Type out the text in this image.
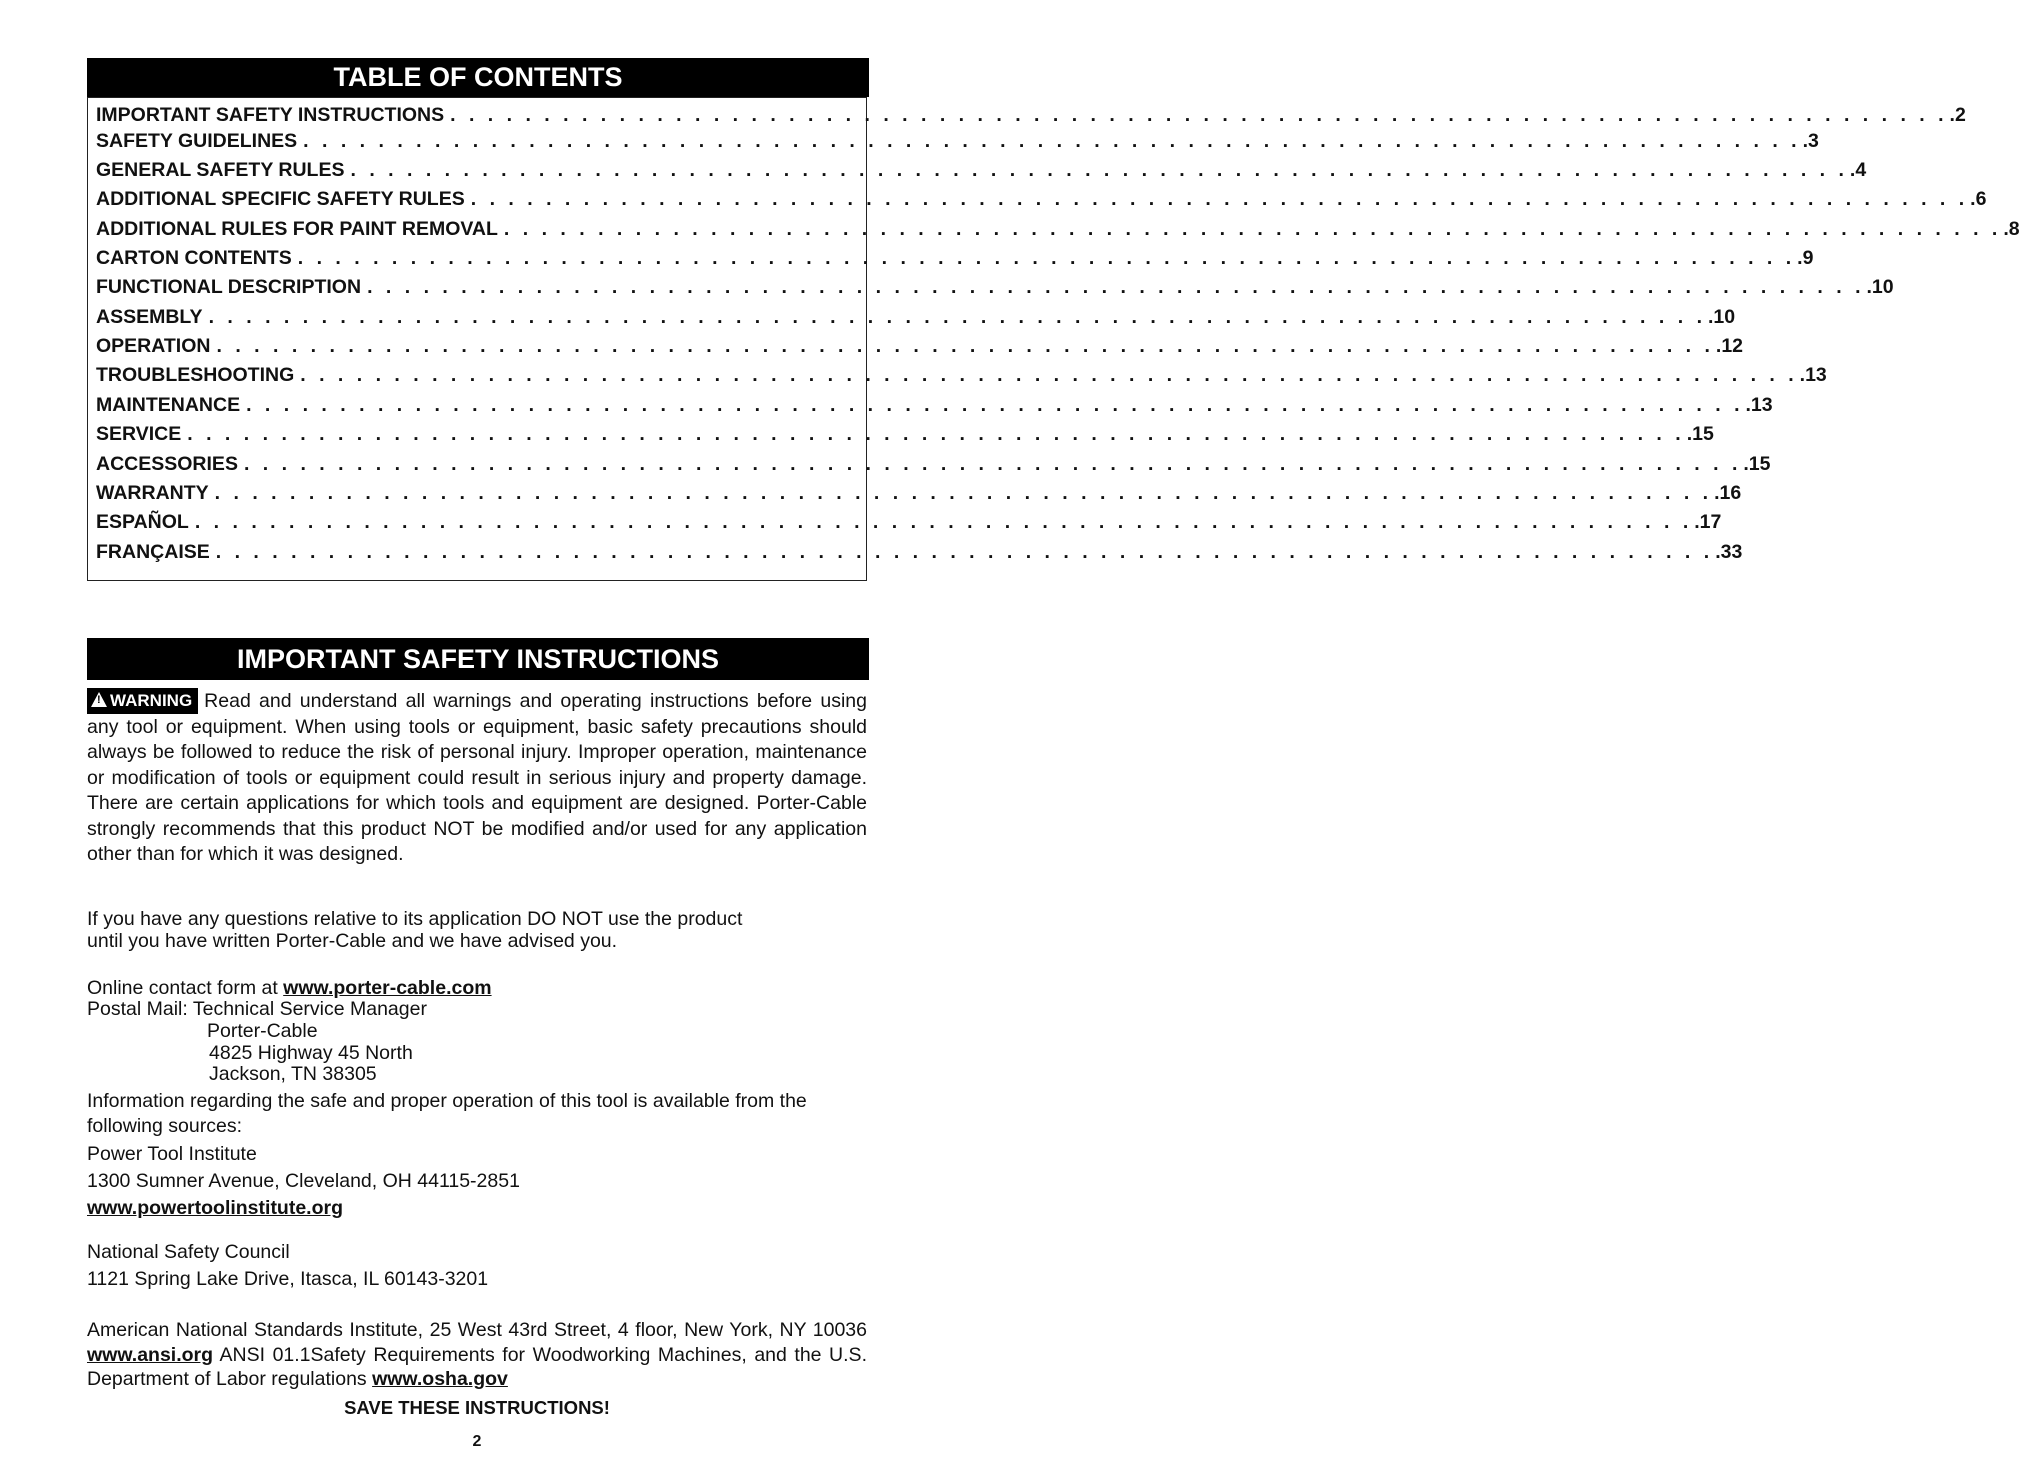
TABLE OF CONTENTS
IMPORTANT SAFETY INSTRUCTIONS . . . . . . . . . . . . . . . . . . . . . . . . . . . . . . . . . . . . . . . . . . . . . . . . . . . . . . . . . . . . . . . . . . . . . . . . . . . . . . . . .2
SAFETY GUIDELINES . . . . . . . . . . . . . . . . . . . . . . . . . . . . . . . . . . . . . . . . . . . . . . . . . . . . . . . . . . . . . . . . . . . . . . . . . . . . . . . . .3
GENERAL SAFETY RULES . . . . . . . . . . . . . . . . . . . . . . . . . . . . . . . . . . . . . . . . . . . . . . . . . . . . . . . . . . . . . . . . . . . . . . . . . . . . . . . . .4
ADDITIONAL SPECIFIC SAFETY RULES . . . . . . . . . . . . . . . . . . . . . . . . . . . . . . . . . . . . . . . . . . . . . . . . . . . . . . . . . . . . . . . . . . . . . . . . . . . . . . . . .6
ADDITIONAL RULES FOR PAINT REMOVAL . . . . . . . . . . . . . . . . . . . . . . . . . . . . . . . . . . . . . . . . . . . . . . . . . . . . . . . . . . . . . . . . . . . . . . . . . . . . . . . . .8
CARTON CONTENTS . . . . . . . . . . . . . . . . . . . . . . . . . . . . . . . . . . . . . . . . . . . . . . . . . . . . . . . . . . . . . . . . . . . . . . . . . . . . . . . . .9
FUNCTIONAL DESCRIPTION . . . . . . . . . . . . . . . . . . . . . . . . . . . . . . . . . . . . . . . . . . . . . . . . . . . . . . . . . . . . . . . . . . . . . . . . . . . . . . . . .10
ASSEMBLY . . . . . . . . . . . . . . . . . . . . . . . . . . . . . . . . . . . . . . . . . . . . . . . . . . . . . . . . . . . . . . . . . . . . . . . . . . . . . . . . .10
OPERATION . . . . . . . . . . . . . . . . . . . . . . . . . . . . . . . . . . . . . . . . . . . . . . . . . . . . . . . . . . . . . . . . . . . . . . . . . . . . . . . . .12
TROUBLESHOOTING . . . . . . . . . . . . . . . . . . . . . . . . . . . . . . . . . . . . . . . . . . . . . . . . . . . . . . . . . . . . . . . . . . . . . . . . . . . . . . . . .13
MAINTENANCE . . . . . . . . . . . . . . . . . . . . . . . . . . . . . . . . . . . . . . . . . . . . . . . . . . . . . . . . . . . . . . . . . . . . . . . . . . . . . . . . .13
SERVICE . . . . . . . . . . . . . . . . . . . . . . . . . . . . . . . . . . . . . . . . . . . . . . . . . . . . . . . . . . . . . . . . . . . . . . . . . . . . . . . . .15
ACCESSORIES . . . . . . . . . . . . . . . . . . . . . . . . . . . . . . . . . . . . . . . . . . . . . . . . . . . . . . . . . . . . . . . . . . . . . . . . . . . . . . . . .15
WARRANTY . . . . . . . . . . . . . . . . . . . . . . . . . . . . . . . . . . . . . . . . . . . . . . . . . . . . . . . . . . . . . . . . . . . . . . . . . . . . . . . . .16
ESPAÑOL . . . . . . . . . . . . . . . . . . . . . . . . . . . . . . . . . . . . . . . . . . . . . . . . . . . . . . . . . . . . . . . . . . . . . . . . . . . . . . . . .17
FRANÇAISE . . . . . . . . . . . . . . . . . . . . . . . . . . . . . . . . . . . . . . . . . . . . . . . . . . . . . . . . . . . . . . . . . . . . . . . . . . . . . . . . .33
IMPORTANT SAFETY INSTRUCTIONS
!WARNING Read and understand all warnings and operating instructions before using any tool or equipment. When using tools or equipment, basic safety precautions should always be followed to reduce the risk of personal injury. Improper operation, maintenance or modification of tools or equipment could result in serious injury and property damage. There are certain applications for which tools and equipment are designed. Porter-Cable strongly recommends that this product NOT be modified and/or used for any application other than for which it was designed.
If you have any questions relative to its application DO NOT use the product
until you have written Porter-Cable and we have advised you.
Online contact form at www.porter-cable.com
Postal Mail: Technical Service Manager
Porter-Cable
4825 Highway 45 North
Jackson, TN 38305
Information regarding the safe and proper operation of this tool is available from the following sources:
Power Tool Institute
1300 Sumner Avenue, Cleveland, OH 44115-2851
www.powertoolinstitute.org
National Safety Council
1121 Spring Lake Drive, Itasca, IL 60143-3201
American National Standards Institute, 25 West 43rd Street, 4 floor, New York, NY 10036 www.ansi.org ANSI 01.1Safety Requirements for Woodworking Machines, and the U.S. Department of Labor regulations www.osha.gov
SAVE THESE INSTRUCTIONS!
2
